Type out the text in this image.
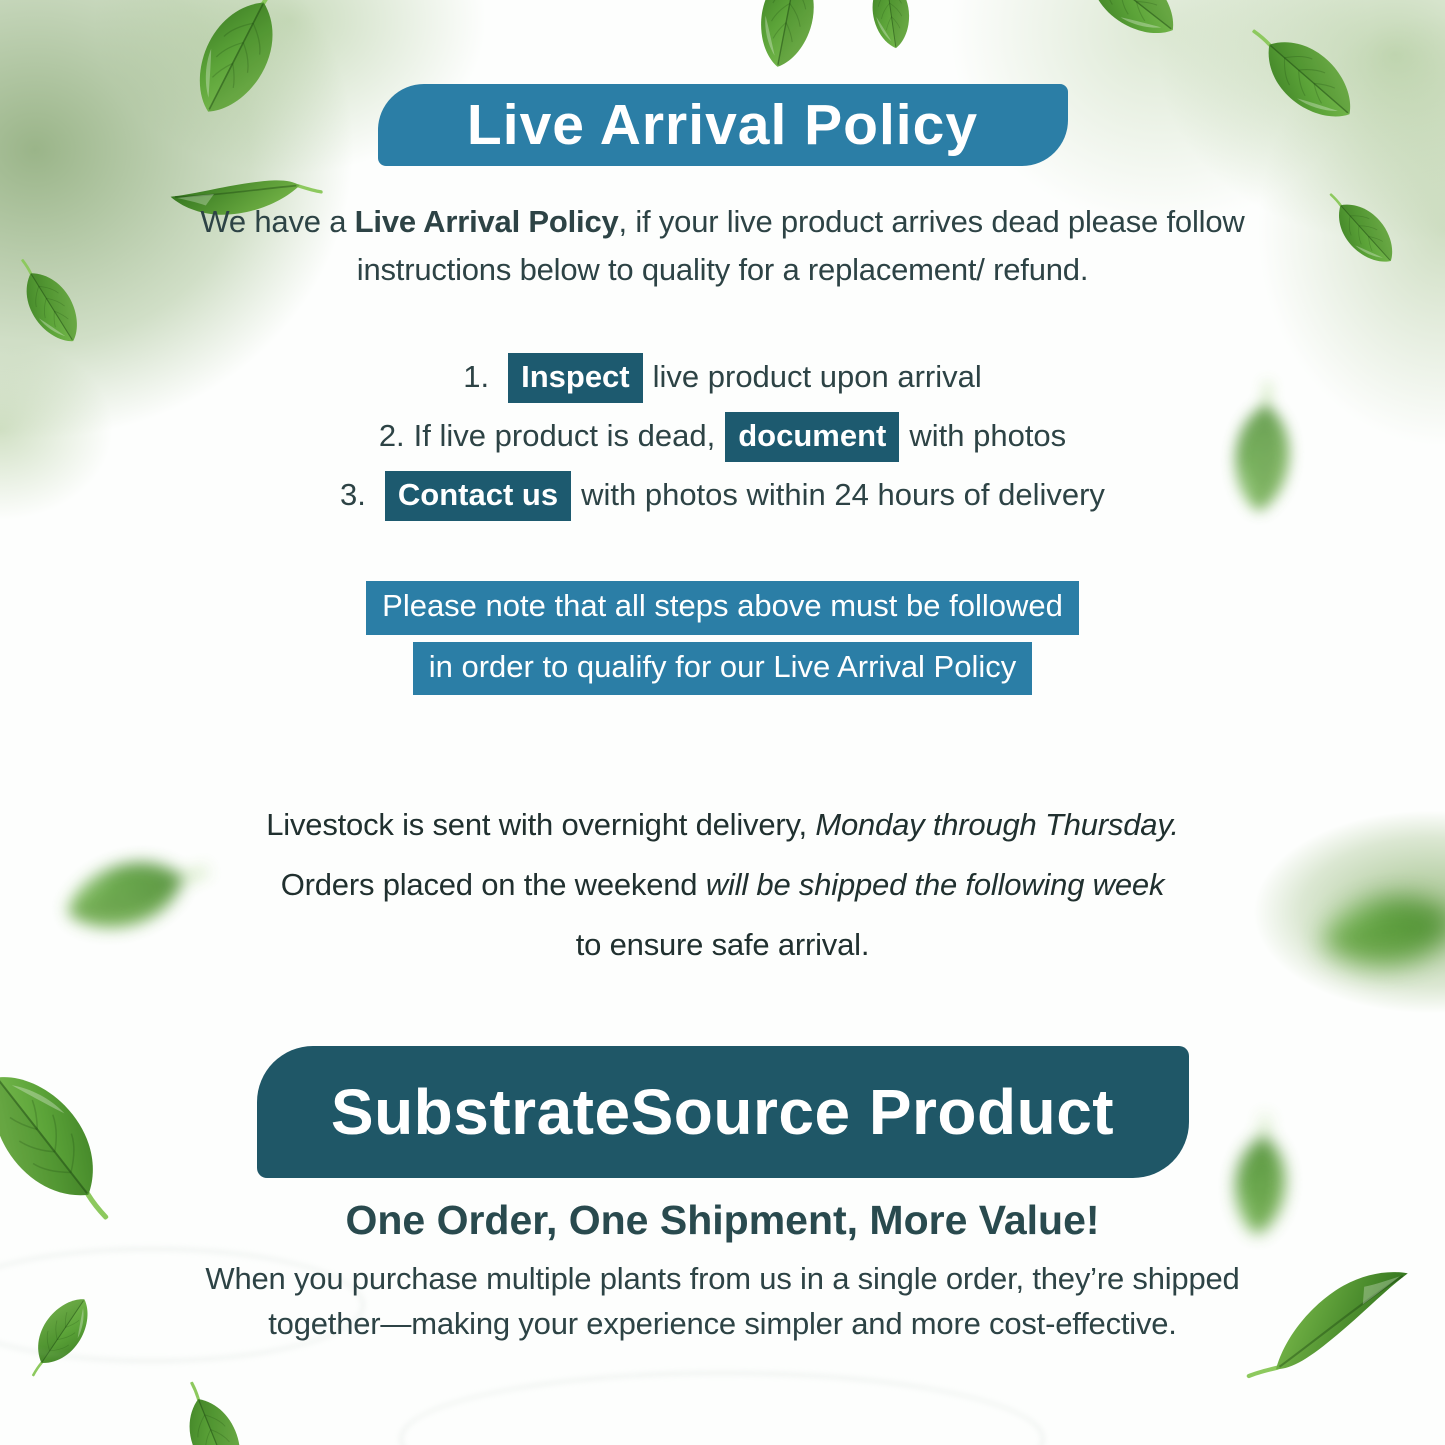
Live Arrival Policy
We have a Live Arrival Policy, if your live product arrives dead please follow
instructions below to quality for a replacement/ refund.
1. Inspect live product upon arrival
2. If live product is dead, document with photos
3. Contact us with photos within 24 hours of delivery
Please note that all steps above must be followed
in order to qualify for our Live Arrival Policy
Livestock is sent with overnight delivery, Monday through Thursday.
Orders placed on the weekend will be shipped the following week
to ensure safe arrival.
SubstrateSource Product
One Order, One Shipment, More Value!
When you purchase multiple plants from us in a single order, they’re shipped
together—making your experience simpler and more cost-effective.
